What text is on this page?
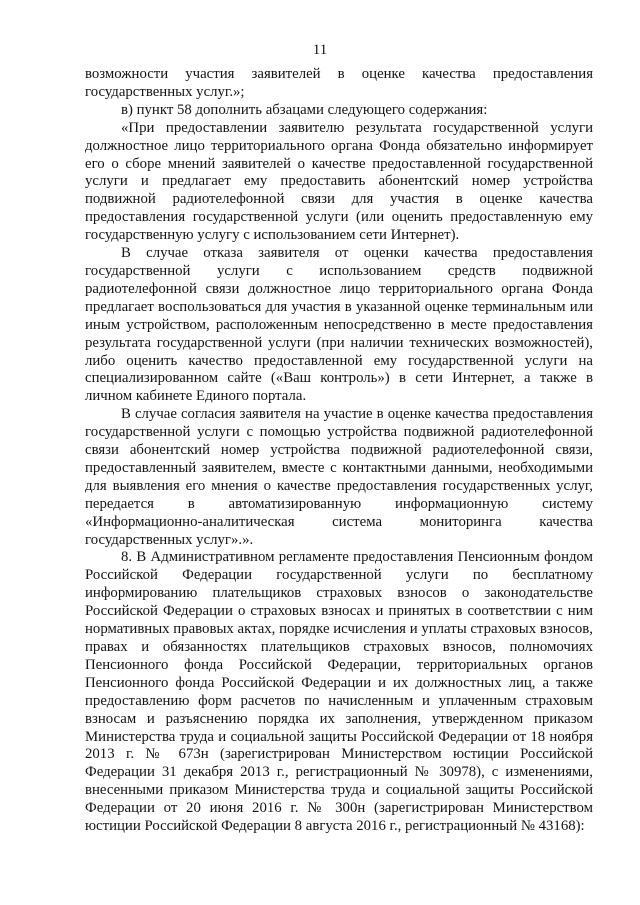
11

возможности участия заявителей в оценке качества предоставления государственных услуг.»;

в) пункт 58 дополнить абзацами следующего содержания:

«При предоставлении заявителю результата государственной услуги должностное лицо территориального органа Фонда обязательно информирует его о сборе мнений заявителей о качестве предоставленной государственной услуги и предлагает ему предоставить абонентский номер устройства подвижной радиотелефонной связи для участия в оценке качества предоставления государственной услуги (или оценить предоставленную ему государственную услугу с использованием сети Интернет).

В случае отказа заявителя от оценки качества предоставления государственной услуги с использованием средств подвижной радиотелефонной связи должностное лицо территориального органа Фонда предлагает воспользоваться для участия в указанной оценке терминальным или иным устройством, расположенным непосредственно в месте предоставления результата государственной услуги (при наличии технических возможностей), либо оценить качество предоставленной ему государственной услуги на специализированном сайте («Ваш контроль») в сети Интернет, а также в личном кабинете Единого портала.

В случае согласия заявителя на участие в оценке качества предоставления государственной услуги с помощью устройства подвижной радиотелефонной связи абонентский номер устройства подвижной радиотелефонной связи, предоставленный заявителем, вместе с контактными данными, необходимыми для выявления его мнения о качестве предоставления государственных услуг, передается в автоматизированную информационную систему «Информационно-аналитическая система мониторинга качества государственных услуг».».

8. В Административном регламенте предоставления Пенсионным фондом Российской Федерации государственной услуги по бесплатному информированию плательщиков страховых взносов о законодательстве Российской Федерации о страховых взносах и принятых в соответствии с ним нормативных правовых актах, порядке исчисления и уплаты страховых взносов, правах и обязанностях плательщиков страховых взносов, полномочиях Пенсионного фонда Российской Федерации, территориальных органов Пенсионного фонда Российской Федерации и их должностных лиц, а также предоставлению форм расчетов по начисленным и уплаченным страховым взносам и разъяснению порядка их заполнения, утвержденном приказом Министерства труда и социальной защиты Российской Федерации от 18 ноября 2013 г. № 673н (зарегистрирован Министерством юстиции Российской Федерации 31 декабря 2013 г., регистрационный № 30978), с изменениями, внесенными приказом Министерства труда и социальной защиты Российской Федерации от 20 июня 2016 г. № 300н (зарегистрирован Министерством юстиции Российской Федерации 8 августа 2016 г., регистрационный № 43168):
